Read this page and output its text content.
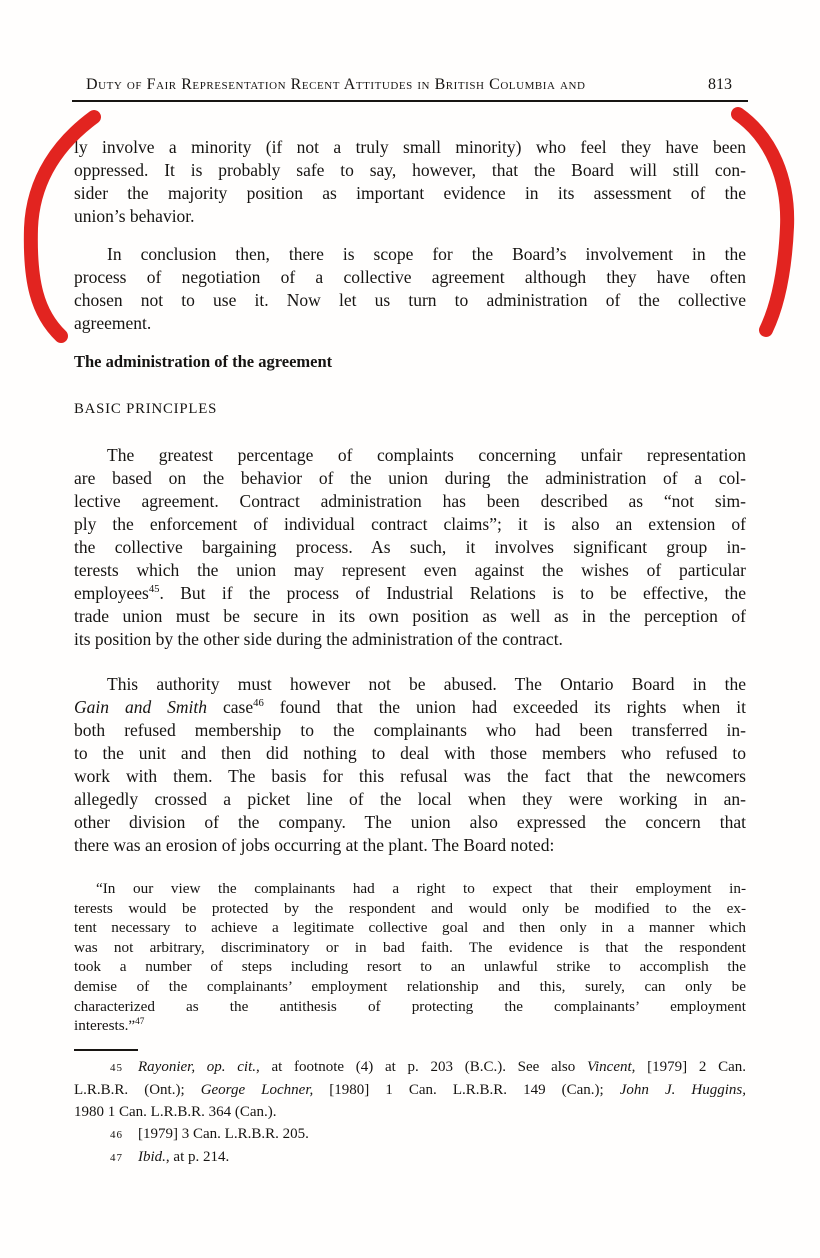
Duty of Fair Representation Recent Attitudes in British Columbia and	813
ly involve a minority (if not a truly small minority) who feel they have been
oppressed. It is probably safe to say, however, that the Board will still con-
sider the majority position as important evidence in its assessment of the
union’s behavior.
In conclusion then, there is scope for the Board’s involvement in the
process of negotiation of a collective agreement although they have often
chosen not to use it. Now let us turn to administration of the collective
agreement.
The administration of the agreement
BASIC PRINCIPLES
The greatest percentage of complaints concerning unfair representation
are based on the behavior of the union during the administration of a col-
lective agreement. Contract administration has been described as “not sim-
ply the enforcement of individual contract claims”; it is also an extension of
the collective bargaining process. As such, it involves significant group in-
terests which the union may represent even against the wishes of particular
employees$^{45}$. But if the process of Industrial Relations is to be effective, the
trade union must be secure in its own position as well as in the perception of
its position by the other side during the administration of the contract.
This authority must however not be abused. The Ontario Board in the
Gain and Smith case$^{46}$ found that the union had exceeded its rights when it
both refused membership to the complainants who had been transferred in-
to the unit and then did nothing to deal with those members who refused to
work with them. The basis for this refusal was the fact that the newcomers
allegedly crossed a picket line of the local when they were working in an-
other division of the company. The union also expressed the concern that
there was an erosion of jobs occurring at the plant. The Board noted:
“In our view the complainants had a right to expect that their employment in-
terests would be protected by the respondent and would only be modified to the ex-
tent necessary to achieve a legitimate collective goal and then only in a manner which
was not arbitrary, discriminatory or in bad faith. The evidence is that the respondent
took a number of steps including resort to an unlawful strike to accomplish the
demise of the complainants’ employment relationship and this, surely, can only be
characterized as the antithesis of protecting the complainants’ employment
interests.”$^{47}$
45 Rayonier, op. cit., at footnote (4) at p. 203 (B.C.). See also Vincent, [1979] 2 Can.
L.R.B.R. (Ont.); George Lochner, [1980] 1 Can. L.R.B.R. 149 (Can.); John J. Huggins,
1980 1 Can. L.R.B.R. 364 (Can.).
46 [1979] 3 Can. L.R.B.R. 205.
47 Ibid., at p. 214.
